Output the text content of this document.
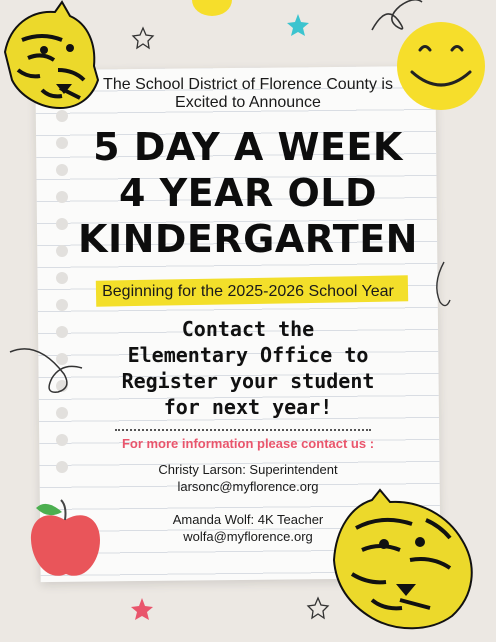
The School District of Florence County is
Excited to Announce
5 DAY A WEEK
4 YEAR OLD
KINDERGARTEN
Beginning for the 2025-2026 School Year
Contact the
Elementary Office to
Register your student
for next year!
For more information please contact us :
Christy Larson: Superintendent
larsonc@myflorence.org
Amanda Wolf: 4K Teacher
wolfa@myflorence.org
